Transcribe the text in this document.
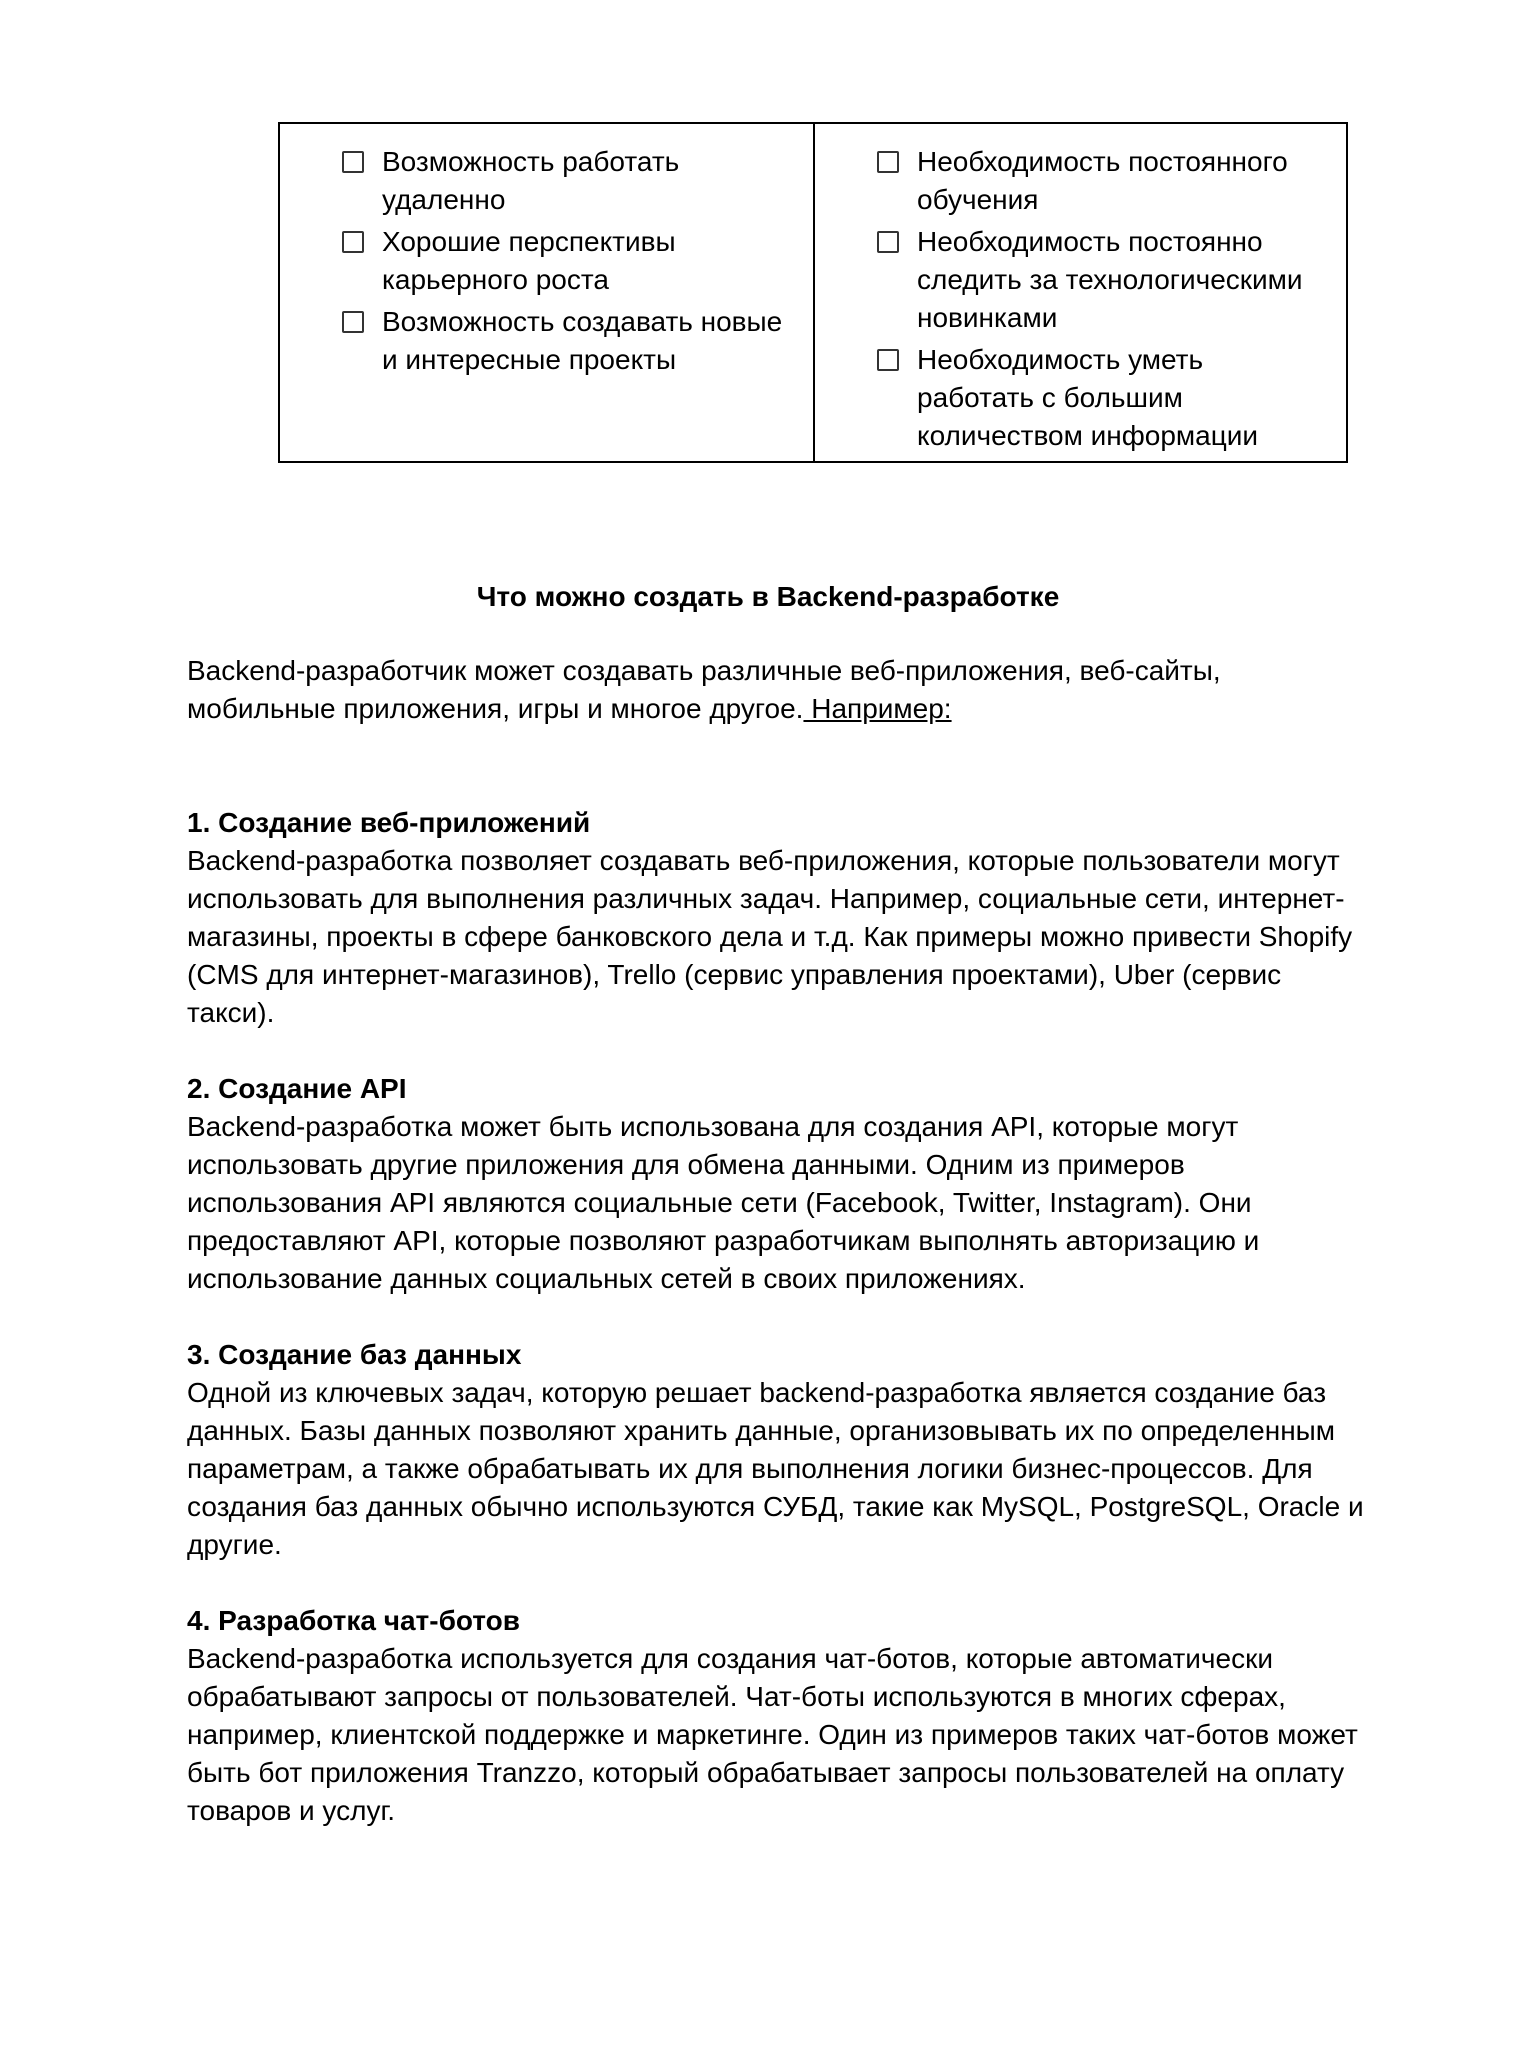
Возможность работать удаленно
Хорошие перспективы карьерного роста
Возможность создавать новые и интересные проекты
Необходимость постоянного обучения
Необходимость постоянно следить за технологическими новинками
Необходимость уметь работать с большим количеством информации
Что можно создать в Backend-разработке

Backend-разработчик может создавать различные веб-приложения, веб-сайты, мобильные приложения, игры и многое другое. Например:

1. Создание веб-приложений

Backend-разработка позволяет создавать веб-приложения, которые пользователи могут использовать для выполнения различных задач. Например, социальные сети, интернет-магазины, проекты в сфере банковского дела и т.д. Как примеры можно привести Shopify (CMS для интернет-магазинов), Trello (сервис управления проектами), Uber (сервис такси).

2. Создание API

Backend-разработка может быть использована для создания API, которые могут использовать другие приложения для обмена данными. Одним из примеров использования API являются социальные сети (Facebook, Twitter, Instagram). Они предоставляют API, которые позволяют разработчикам выполнять авторизацию и использование данных социальных сетей в своих приложениях.

3. Создание баз данных

Одной из ключевых задач, которую решает backend-разработка является создание баз данных. Базы данных позволяют хранить данные, организовывать их по определенным параметрам, а также обрабатывать их для выполнения логики бизнес-процессов. Для создания баз данных обычно используются СУБД, такие как MySQL, PostgreSQL, Oracle и другие.

4. Разработка чат-ботов

Backend-разработка используется для создания чат-ботов, которые автоматически обрабатывают запросы от пользователей. Чат-боты используются в многих сферах, например, клиентской поддержке и маркетинге. Один из примеров таких чат-ботов может быть бот приложения Tranzzo, который обрабатывает запросы пользователей на оплату товаров и услуг.
